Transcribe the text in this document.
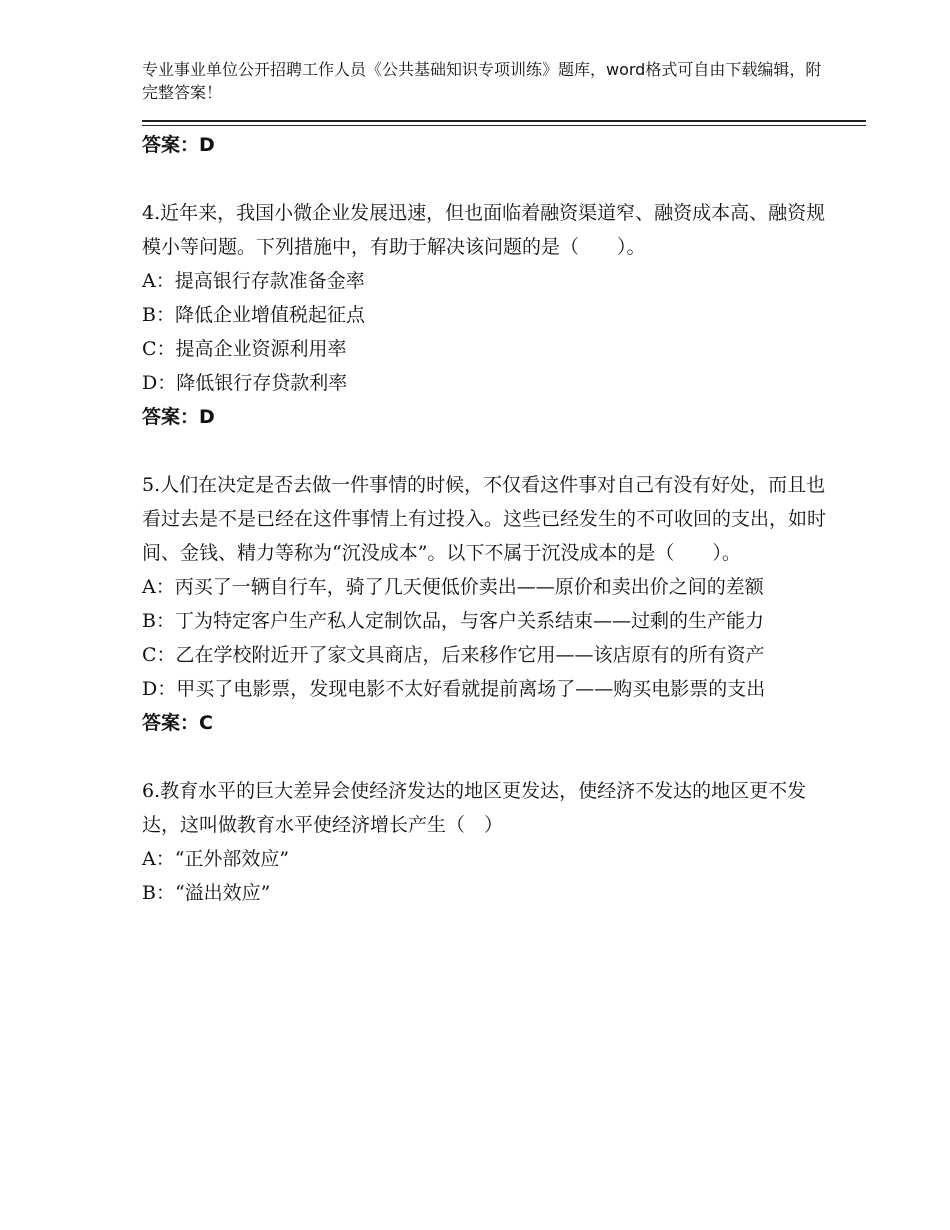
专业事业单位公开招聘工作人员《公共基础知识专项训练》题库，word格式可自由下载编辑，附完整答案！
答案：D
4.近年来，我国小微企业发展迅速，但也面临着融资渠道窄、融资成本高、融资规模小等问题。下列措施中，有助于解决该问题的是（　　）。
A：提高银行存款准备金率
B：降低企业增值税起征点
C：提高企业资源利用率
D：降低银行存贷款利率
答案：D
5.人们在决定是否去做一件事情的时候，不仅看这件事对自己有没有好处，而且也看过去是不是已经在这件事情上有过投入。这些已经发生的不可收回的支出，如时间、金钱、精力等称为“沉没成本”。以下不属于沉没成本的是（　　）。
A：丙买了一辆自行车，骑了几天便低价卖出——原价和卖出价之间的差额
B：丁为特定客户生产私人定制饮品，与客户关系结束——过剩的生产能力
C：乙在学校附近开了家文具商店，后来移作它用——该店原有的所有资产
D：甲买了电影票，发现电影不太好看就提前离场了——购买电影票的支出
答案：C
6.教育水平的巨大差异会使经济发达的地区更发达，使经济不发达的地区更不发达，这叫做教育水平使经济增长产生（　）
A：“正外部效应”
B：“溢出效应”
